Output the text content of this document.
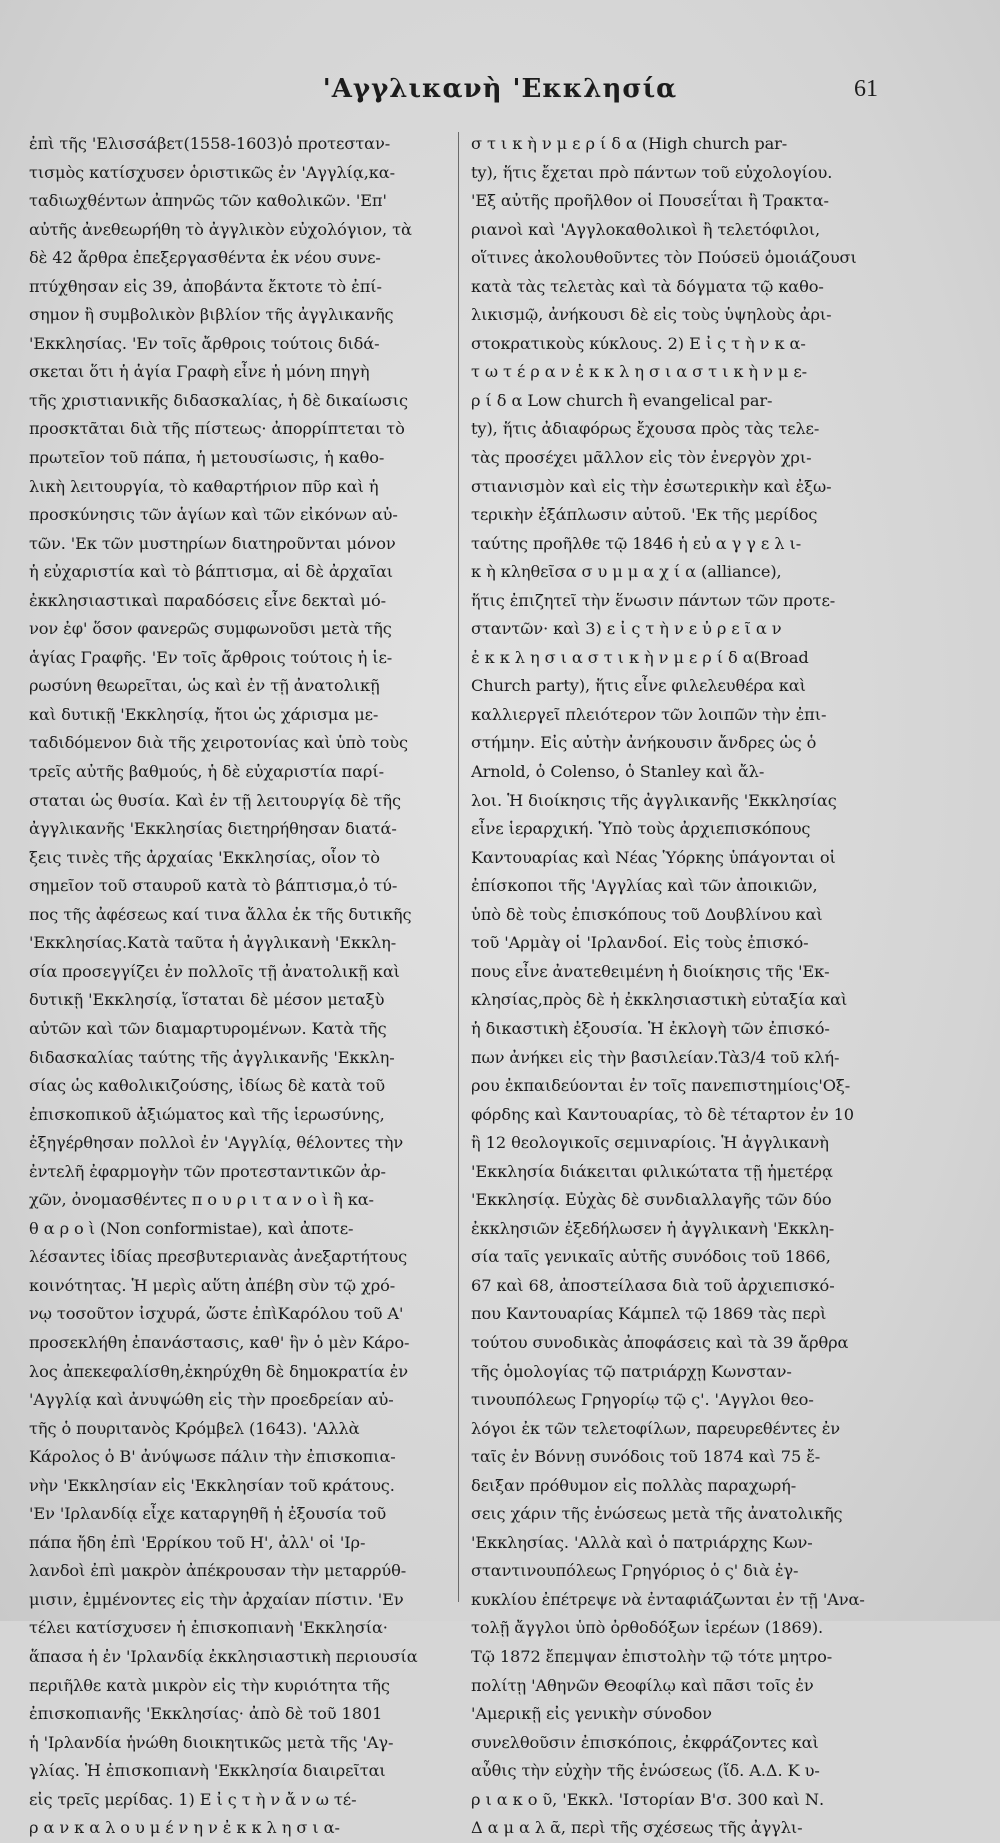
'Αγγλικανὴ 'Εκκλησία	61
ἐπὶ τῆς 'Ελισσάβετ(1558-1603)ὁ προτεσταν-
τισμὸς κατίσχυσεν ὁριστικῶς ἐν 'Αγγλίᾳ,κα-
ταδιωχθέντων ἀπηνῶς τῶν καθολικῶν. 'Επ'
αὐτῆς ἀνεθεωρήθη τὸ ἀγγλικὸν εὐχολόγιον, τὰ
δὲ 42 ἄρθρα ἐπεξεργασθέντα ἐκ νέου συνε-
πτύχθησαν εἰς 39, ἀποβάντα ἔκτοτε τὸ ἐπί-
σημον ἢ συμβολικὸν βιβλίον τῆς ἀγγλικανῆς
'Εκκλησίας. 'Εν τοῖς ἄρθροις τούτοις διδά-
σκεται ὅτι ἡ ἁγία Γραφὴ εἶνε ἡ μόνη πηγὴ
τῆς χριστιανικῆς διδασκαλίας, ἡ δὲ δικαίωσις
προσκτᾶται διὰ τῆς πίστεως· ἀπορρίπτεται τὸ
πρωτεῖον τοῦ πάπα, ἡ μετουσίωσις, ἡ καθο-
λικὴ λειτουργία, τὸ καθαρτήριον πῦρ καὶ ἡ
προσκύνησις τῶν ἁγίων καὶ τῶν εἰκόνων αὐ-
τῶν. 'Εκ τῶν μυστηρίων διατηροῦνται μόνον
ἡ εὐχαριστία καὶ τὸ βάπτισμα, αἱ δὲ ἀρχαῖαι
ἐκκλησιαστικαὶ παραδόσεις εἶνε δεκταὶ μό-
νον ἐφ' ὅσον φανερῶς συμφωνοῦσι μετὰ τῆς
ἁγίας Γραφῆς. 'Εν τοῖς ἄρθροις τούτοις ἡ ἱε-
ρωσύνη θεωρεῖται, ὡς καὶ ἐν τῇ ἀνατολικῇ
καὶ δυτικῇ 'Εκκλησίᾳ, ἤτοι ὡς χάρισμα με-
ταδιδόμενον διὰ τῆς χειροτονίας καὶ ὑπὸ τοὺς
τρεῖς αὐτῆς βαθμούς, ἡ δὲ εὐχαριστία παρί-
σταται ὡς θυσία. Καὶ ἐν τῇ λειτουργίᾳ δὲ τῆς
ἀγγλικανῆς 'Εκκλησίας διετηρήθησαν διατά-
ξεις τινὲς τῆς ἀρχαίας 'Εκκλησίας, οἷον τὸ
σημεῖον τοῦ σταυροῦ κατὰ τὸ βάπτισμα,ὁ τύ-
πος τῆς ἀφέσεως καί τινα ἄλλα ἐκ τῆς δυτικῆς
'Εκκλησίας.Κατὰ ταῦτα ἡ ἀγγλικανὴ 'Εκκλη-
σία προσεγγίζει ἐν πολλοῖς τῇ ἀνατολικῇ καὶ
δυτικῇ 'Εκκλησίᾳ, ἵσταται δὲ μέσον μεταξὺ
αὐτῶν καὶ τῶν διαμαρτυρομένων. Κατὰ τῆς
διδασκαλίας ταύτης τῆς ἀγγλικανῆς 'Εκκλη-
σίας ὡς καθολικιζούσης, ἰδίως δὲ κατὰ τοῦ
ἐπισκοπικοῦ ἀξιώματος καὶ τῆς ἱερωσύνης,
ἐξηγέρθησαν πολλοὶ ἐν 'Αγγλίᾳ, θέλοντες τὴν
ἐντελῆ ἐφαρμογὴν τῶν προτεσταντικῶν ἀρ-
χῶν, ὀνομασθέντες π ο υ ρ ι τ α ν ο ὶ ἢ κα-
θ α ρ ο ὶ (Non conformistae), καὶ ἀποτε-
λέσαντες ἰδίας πρεσβυτεριανὰς ἀνεξαρτήτους
κοινότητας. Ἡ μερὶς αὕτη ἀπέβη σὺν τῷ χρό-
νῳ τοσοῦτον ἰσχυρά, ὥστε ἐπὶΚαρόλου τοῦ Α'
προσεκλήθη ἐπανάστασις, καθ' ἣν ὁ μὲν Κάρο-
λος ἀπεκεφαλίσθη,ἐκηρύχθη δὲ δημοκρατία ἐν
'Αγγλίᾳ καὶ ἀνυψώθη εἰς τὴν προεδρείαν αὐ-
τῆς ὁ πουριτανὸς Κρόμβελ (1643). 'Αλλὰ
Κάρολος ὁ Β' ἀνύψωσε πάλιν τὴν ἐπισκοπια-
νὴν 'Εκκλησίαν εἰς 'Εκκλησίαν τοῦ κράτους.
'Εν 'Ιρλανδίᾳ εἶχε καταργηθῆ ἡ ἐξουσία τοῦ
πάπα ἤδη ἐπὶ 'Ερρίκου τοῦ Η', ἀλλ' οἱ 'Ιρ-
λανδοὶ ἐπὶ μακρὸν ἀπέκρουσαν τὴν μεταρρύθ-
μισιν, ἐμμένοντες εἰς τὴν ἀρχαίαν πίστιν. 'Εν
τέλει κατίσχυσεν ἡ ἐπισκοπιανὴ 'Εκκλησία·
ἅπασα ἡ ἐν 'Ιρλανδίᾳ ἐκκλησιαστικὴ περιουσία
περιῆλθε κατὰ μικρὸν εἰς τὴν κυριότητα τῆς
ἐπισκοπιανῆς 'Εκκλησίας· ἀπὸ δὲ τοῦ 1801
ἡ 'Ιρλανδία ἡνώθη διοικητικῶς μετὰ τῆς 'Αγ-
γλίας. Ἡ ἐπισκοπιανὴ 'Εκκλησία διαιρεῖται
εἰς τρεῖς μερίδας. 1) Ε ἰ ς τ ὴ ν ἄ ν ω τέ-
ρ α ν κ α λ ο υ μ έ ν η ν ἐ κ κ λ η σ ι α-
σ τ ι κ ὴ ν μ ε ρ ί δ α (High church par-
ty), ἥτις ἔχεται πρὸ πάντων τοῦ εὐχολογίου.
'Εξ αὐτῆς προῆλθον οἱ Πουσεΐται ἢ Τρακτα-
ριανοὶ καὶ 'Αγγλοκαθολικοὶ ἢ τελετόφιλοι,
οἵτινες ἀκολουθοῦντες τὸν Πούσεϋ ὁμοιάζουσι
κατὰ τὰς τελετὰς καὶ τὰ δόγματα τῷ καθο-
λικισμῷ, ἀνήκουσι δὲ εἰς τοὺς ὑψηλοὺς ἀρι-
στοκρατικοὺς κύκλους. 2) Ε ἰ ς τ ὴ ν κ α-
τ ω τ έ ρ α ν ἐ κ κ λ η σ ι α σ τ ι κ ὴ ν μ ε-
ρ ί δ α Low church ἢ evangelical par-
ty), ἥτις ἀδιαφόρως ἔχουσα πρὸς τὰς τελε-
τὰς προσέχει μᾶλλον εἰς τὸν ἐνεργὸν χρι-
στιανισμὸν καὶ εἰς τὴν ἐσωτερικὴν καὶ ἐξω-
τερικὴν ἐξάπλωσιν αὐτοῦ. 'Εκ τῆς μερίδος
ταύτης προῆλθε τῷ 1846 ἡ εὐ α γ γ ε λ ι-
κ ὴ κληθεῖσα σ υ μ μ α χ ί α (alliance),
ἥτις ἐπιζητεῖ τὴν ἕνωσιν πάντων τῶν προτε-
σταντῶν· καὶ 3) ε ἰ ς τ ὴ ν ε ὐ ρ ε ῖ α ν
ἐ κ κ λ η σ ι α σ τ ι κ ὴ ν μ ε ρ ί δ α(Broad
Church party), ἥτις εἶνε φιλελευθέρα καὶ
καλλιεργεῖ πλειότερον τῶν λοιπῶν τὴν ἐπι-
στήμην. Εἰς αὐτὴν ἀνήκουσιν ἄνδρες ὡς ὁ
Arnold, ὁ Colenso, ὁ Stanley καὶ ἄλ-
λοι. Ἡ διοίκησις τῆς ἀγγλικανῆς 'Εκκλησίας
εἶνε ἱεραρχική. Ὑπὸ τοὺς ἀρχιεπισκόπους
Καντουαρίας καὶ Νέας Ὑόρκης ὑπάγονται οἱ
ἐπίσκοποι τῆς 'Αγγλίας καὶ τῶν ἀποικιῶν,
ὑπὸ δὲ τοὺς ἐπισκόπους τοῦ Δουβλίνου καὶ
τοῦ 'Αρμὰγ οἱ 'Ιρλανδοί. Εἰς τοὺς ἐπισκό-
πους εἶνε ἀνατεθειμένη ἡ διοίκησις τῆς 'Εκ-
κλησίας,πρὸς δὲ ἡ ἐκκλησιαστικὴ εὐταξία καὶ
ἡ δικαστικὴ ἐξουσία. Ἡ ἐκλογὴ τῶν ἐπισκό-
πων ἀνήκει εἰς τὴν βασιλείαν.Τὰ3/4 τοῦ κλή-
ρου ἐκπαιδεύονται ἐν τοῖς πανεπιστημίοις'Οξ-
φόρδης καὶ Καντουαρίας, τὸ δὲ τέταρτον ἐν 10
ἢ 12 θεολογικοῖς σεμιναρίοις. Ἡ ἀγγλικανὴ
'Εκκλησία διάκειται φιλικώτατα τῇ ἡμετέρᾳ
'Εκκλησίᾳ. Εὐχὰς δὲ συνδιαλλαγῆς τῶν δύο
ἐκκλησιῶν ἐξεδήλωσεν ἡ ἀγγλικανὴ 'Εκκλη-
σία ταῖς γενικαῖς αὐτῆς συνόδοις τοῦ 1866,
67 καὶ 68, ἀποστείλασα διὰ τοῦ ἀρχιεπισκό-
που Καντουαρίας Κάμπελ τῷ 1869 τὰς περὶ
τούτου συνοδικὰς ἀποφάσεις καὶ τὰ 39 ἄρθρα
τῆς ὁμολογίας τῷ πατριάρχῃ Κωνσταν-
τινουπόλεως Γρηγορίῳ τῷ ς'. 'Αγγλοι θεο-
λόγοι ἐκ τῶν τελετοφίλων, παρευρεθέντες ἐν
ταῖς ἐν Βόννῃ συνόδοις τοῦ 1874 καὶ 75 ἔ-
δειξαν πρόθυμον εἰς πολλὰς παραχωρή-
σεις χάριν τῆς ἑνώσεως μετὰ τῆς ἀνατολικῆς
'Εκκλησίας. 'Αλλὰ καὶ ὁ πατριάρχης Κων-
σταντινουπόλεως Γρηγόριος ὁ ς' διὰ ἐγ-
κυκλίου ἐπέτρεψε νὰ ἐνταφιάζωνται ἐν τῇ 'Ανα-
τολῇ ἄγγλοι ὑπὸ ὀρθοδόξων ἱερέων (1869).
Τῷ 1872 ἔπεμψαν ἐπιστολὴν τῷ τότε μητρο-
πολίτῃ 'Αθηνῶν Θεοφίλῳ καὶ πᾶσι τοῖς ἐν
'Αμερικῇ εἰς γενικὴν σύνοδον
συνελθοῦσιν ἐπισκόποις, ἐκφράζοντες καὶ
αὖθις τὴν εὐχὴν τῆς ἑνώσεως (ἴδ. Α.Δ. Κ υ-
ρ ι α κ ο ῦ, 'Εκκλ. 'Ιστορίαν Β'σ. 300 καὶ Ν.
Δ α μ α λ ᾶ, περὶ τῆς σχέσεως τῆς ἀγγλι-
